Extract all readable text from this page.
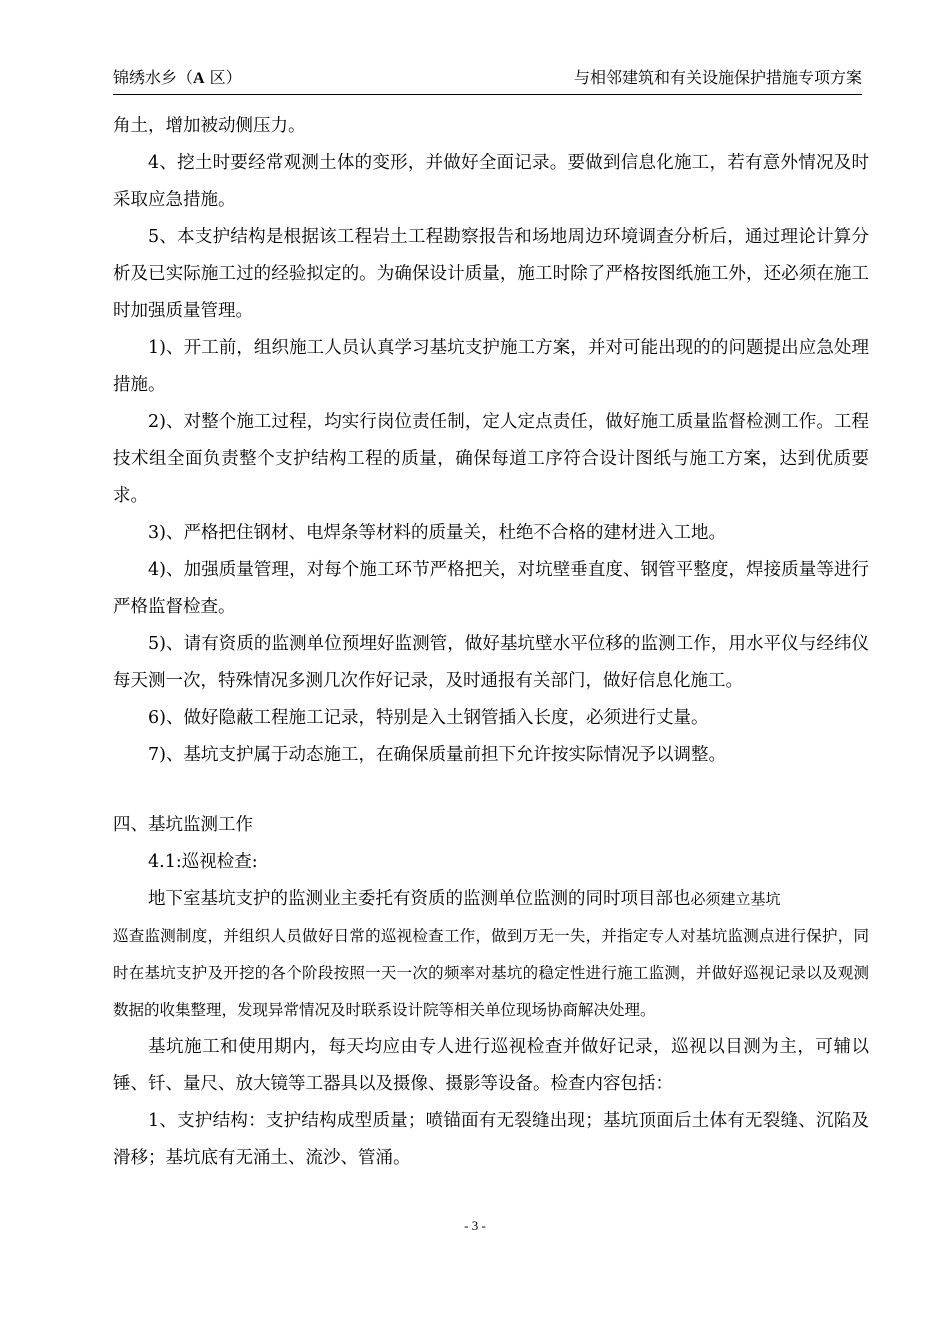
锦绣水乡（A 区）	与相邻建筑和有关设施保护措施专项方案

角土，增加被动侧压力。

4、挖土时要经常观测土体的变形，并做好全面记录。要做到信息化施工，若有意外情况及时采取应急措施。

5、本支护结构是根据该工程岩土工程勘察报告和场地周边环境调查分析后，通过理论计算分析及已实际施工过的经验拟定的。为确保设计质量，施工时除了严格按图纸施工外，还必须在施工时加强质量管理。

1)、开工前，组织施工人员认真学习基坑支护施工方案，并对可能出现的的问题提出应急处理措施。

2)、对整个施工过程，均实行岗位责任制，定人定点责任，做好施工质量监督检测工作。工程技术组全面负责整个支护结构工程的质量，确保每道工序符合设计图纸与施工方案，达到优质要求。

3)、严格把住钢材、电焊条等材料的质量关，杜绝不合格的建材进入工地。

4)、加强质量管理，对每个施工环节严格把关，对坑壁垂直度、钢管平整度，焊接质量等进行严格监督检查。

5)、请有资质的监测单位预埋好监测管，做好基坑壁水平位移的监测工作，用水平仪与经纬仪每天测一次，特殊情况多测几次作好记录，及时通报有关部门，做好信息化施工。

6)、做好隐蔽工程施工记录，特别是入土钢管插入长度，必须进行丈量。

7)、基坑支护属于动态施工，在确保质量前担下允许按实际情况予以调整。

四、基坑监测工作

4.1:巡视检查:

地下室基坑支护的监测业主委托有资质的监测单位监测的同时项目部也必须建立基坑

巡查监测制度，并组织人员做好日常的巡视检查工作，做到万无一失，并指定专人对基坑监测点进行保护，同时在基坑支护及开挖的各个阶段按照一天一次的频率对基坑的稳定性进行施工监测，并做好巡视记录以及观测数据的收集整理，发现异常情况及时联系设计院等相关单位现场协商解决处理。

基坑施工和使用期内，每天均应由专人进行巡视检查并做好记录，巡视以目测为主，可辅以锤、钎、量尺、放大镜等工器具以及摄像、摄影等设备。检查内容包括：

1、支护结构：支护结构成型质量；喷锚面有无裂缝出现；基坑顶面后土体有无裂缝、沉陷及滑移；基坑底有无涌土、流沙、管涌。

- 3 -
